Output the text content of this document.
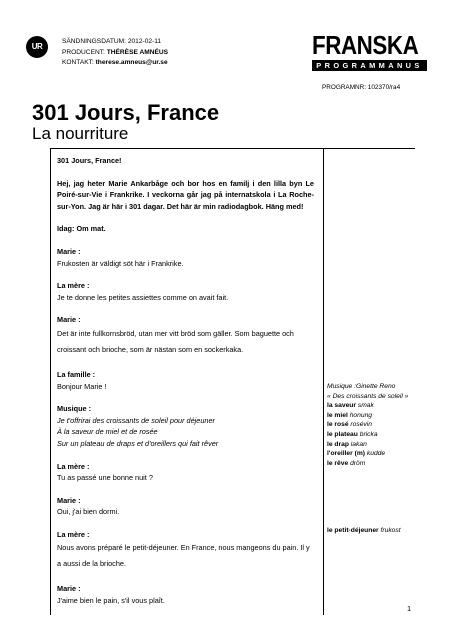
UR
SÄNDNINGSDATUM: 2012-02-11
PRODUCENT: THÉRÈSE AMNÉUS
KONTAKT: therese.amneus@ur.se
FRANSKA
PROGRAMMANUS
PROGRAMNR: 102370/ra4
301 Jours, France
La nourriture

301 Jours, France!

Hej, jag heter Marie Ankarbåge och bor hos en familj i den lilla byn Le Poiré-sur-Vie i Frankrike. I veckorna går jag på internatskola i La Roche-sur-Yon. Jag är här i 301 dagar. Det här är min radiodagbok. Häng med!

Idag: Om mat.

Marie :

Frukosten är väldigt söt här i Frankrike.

La mère :

Je te donne les petites assiettes comme on avait fait.

Marie :

Det är inte fullkornsbröd, utan mer vitt bröd som gäller. Som baguette och croissant och brioche, som är nästan som en sockerkaka.

La famille :

Bonjour Marie !

Musique :

Je t'offrirai des croissants de soleil pour déjeuner

À la saveur de miel et de rosée

Sur un plateau de draps et d'oreillers qui fait rêver

La mère :

Tu as passé une bonne nuit ?

Marie :

Oui, j'ai bien dormi.

La mère :

Nous avons préparé le petit-déjeuner. En France, nous mangeons du pain. Il y a aussi de la brioche.

Marie :

J'aime bien le pain, s'il vous plaît.

Musique :Ginette Reno
« Des croissants de soleil »
la saveur smak
le miel honung
le rosé rosévin
le plateau bricka
le drap lakan
l'oreiller (m) kudde
le rêve dröm
le petit-déjeuner frukost
1
